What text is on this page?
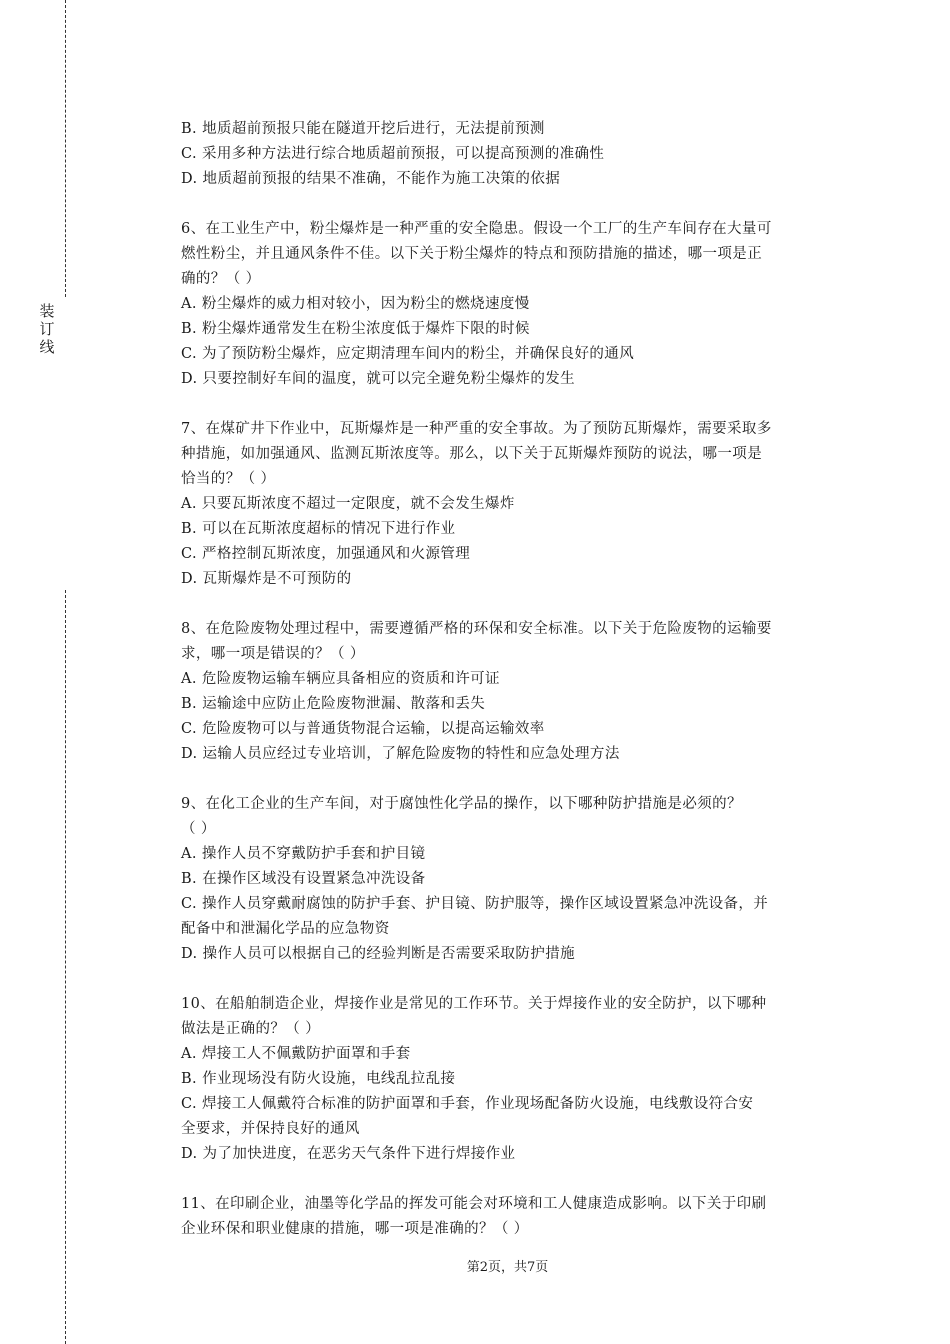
装
订
线
B. 地质超前预报只能在隧道开挖后进行，无法提前预测
C. 采用多种方法进行综合地质超前预报，可以提高预测的准确性
D. 地质超前预报的结果不准确，不能作为施工决策的依据
6、在工业生产中，粉尘爆炸是一种严重的安全隐患。假设一个工厂的生产车间存在大量可
燃性粉尘，并且通风条件不佳。以下关于粉尘爆炸的特点和预防措施的描述，哪一项是正
确的？（ ）
A. 粉尘爆炸的威力相对较小，因为粉尘的燃烧速度慢
B. 粉尘爆炸通常发生在粉尘浓度低于爆炸下限的时候
C. 为了预防粉尘爆炸，应定期清理车间内的粉尘，并确保良好的通风
D. 只要控制好车间的温度，就可以完全避免粉尘爆炸的发生
7、在煤矿井下作业中，瓦斯爆炸是一种严重的安全事故。为了预防瓦斯爆炸，需要采取多
种措施，如加强通风、监测瓦斯浓度等。那么，以下关于瓦斯爆炸预防的说法，哪一项是
恰当的？（ ）
A. 只要瓦斯浓度不超过一定限度，就不会发生爆炸
B. 可以在瓦斯浓度超标的情况下进行作业
C. 严格控制瓦斯浓度，加强通风和火源管理
D. 瓦斯爆炸是不可预防的
8、在危险废物处理过程中，需要遵循严格的环保和安全标准。以下关于危险废物的运输要
求，哪一项是错误的？（ ）
A. 危险废物运输车辆应具备相应的资质和许可证
B. 运输途中应防止危险废物泄漏、散落和丢失
C. 危险废物可以与普通货物混合运输，以提高运输效率
D. 运输人员应经过专业培训，了解危险废物的特性和应急处理方法
9、在化工企业的生产车间，对于腐蚀性化学品的操作，以下哪种防护措施是必须的？
（ ）
A. 操作人员不穿戴防护手套和护目镜
B. 在操作区域没有设置紧急冲洗设备
C. 操作人员穿戴耐腐蚀的防护手套、护目镜、防护服等，操作区域设置紧急冲洗设备，并
配备中和泄漏化学品的应急物资
D. 操作人员可以根据自己的经验判断是否需要采取防护措施
10、在船舶制造企业，焊接作业是常见的工作环节。关于焊接作业的安全防护，以下哪种
做法是正确的？（ ）
A. 焊接工人不佩戴防护面罩和手套
B. 作业现场没有防火设施，电线乱拉乱接
C. 焊接工人佩戴符合标准的防护面罩和手套，作业现场配备防火设施，电线敷设符合安
全要求，并保持良好的通风
D. 为了加快进度，在恶劣天气条件下进行焊接作业
11、在印刷企业，油墨等化学品的挥发可能会对环境和工人健康造成影响。以下关于印刷
企业环保和职业健康的措施，哪一项是准确的？（ ）
第2页，共7页
